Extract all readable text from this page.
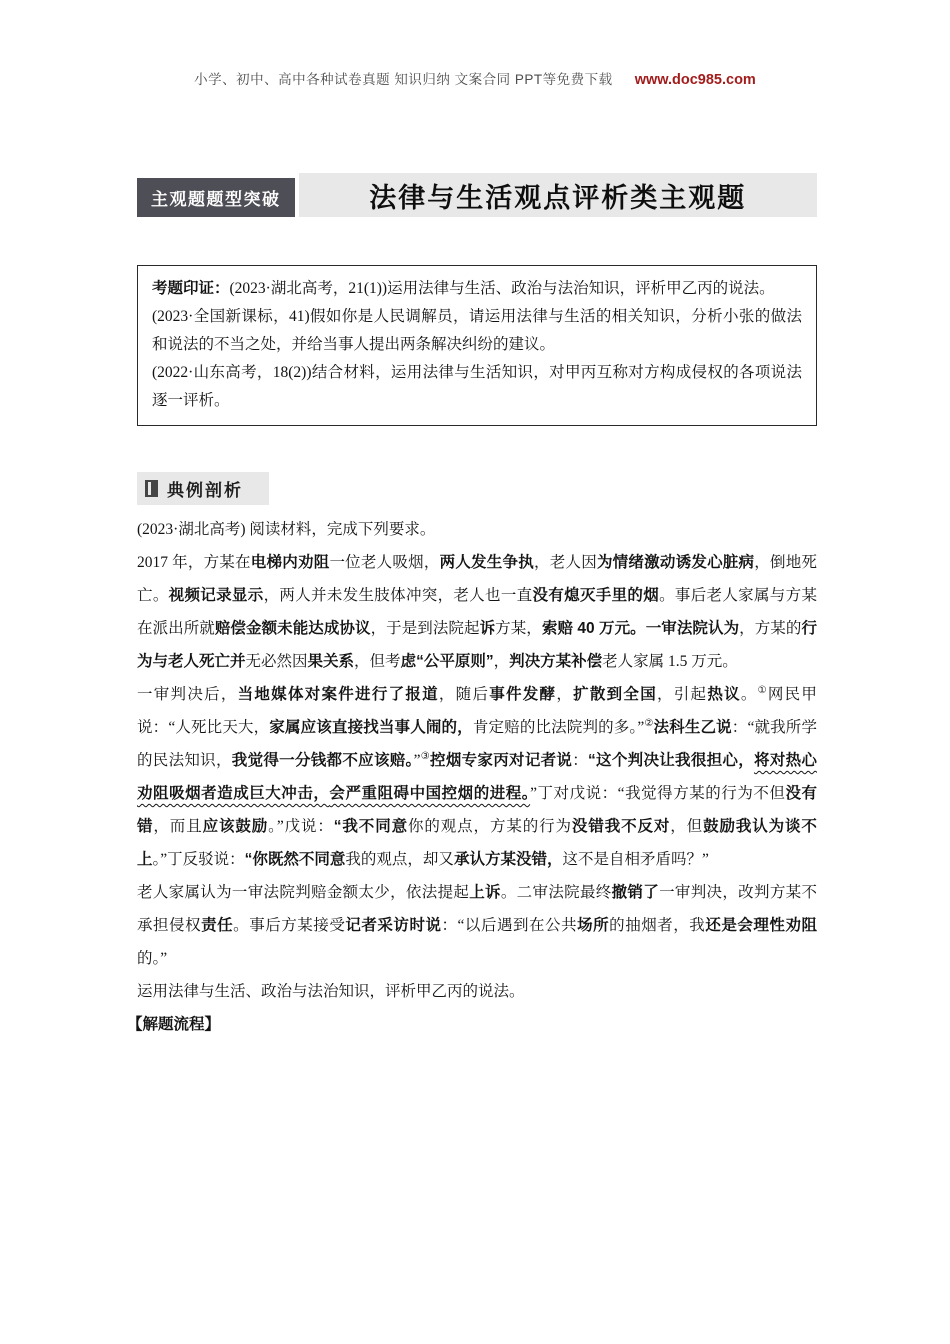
小学、初中、高中各种试卷真题 知识归纳 文案合同 PPT等免费下载 www.doc985.com
主观题题型突破	法律与生活观点评析类主观题

考题印证：(2023·湖北高考，21(1))运用法律与生活、政治与法治知识，评析甲乙丙的说法。

(2023·全国新课标，41)假如你是人民调解员，请运用法律与生活的相关知识，分析小张的做法和说法的不当之处，并给当事人提出两条解决纠纷的建议。

(2022·山东高考，18(2))结合材料，运用法律与生活知识，对甲丙互称对方构成侵权的各项说法逐一评析。

典例剖析

(2023·湖北高考) 阅读材料，完成下列要求。

2017 年，方某在电梯内劝阻一位老人吸烟，两人发生争执，老人因为情绪激动诱发心脏病，倒地死亡。视频记录显示，两人并未发生肢体冲突，老人也一直没有熄灭手里的烟。事后老人家属与方某在派出所就赔偿金额未能达成协议，于是到法院起诉方某，索赔 40 万元。一审法院认为，方某的行为与老人死亡并无必然因果关系，但考虑“公平原则”，判决方某补偿老人家属 1.5 万元。

一审判决后，当地媒体对案件进行了报道，随后事件发酵，扩散到全国，引起热议。①网民甲说：“人死比天大，家属应该直接找当事人闹的，肯定赔的比法院判的多。”②法科生乙说：“就我所学的民法知识，我觉得一分钱都不应该赔。”③控烟专家丙对记者说：“这个判决让我很担心，将对热心劝阻吸烟者造成巨大冲击，会严重阻碍中国控烟的进程。”丁对戊说：“我觉得方某的行为不但没有错，而且应该鼓励。”戊说：“我不同意你的观点，方某的行为没错我不反对，但鼓励我认为谈不上。”丁反驳说：“你既然不同意我的观点，却又承认方某没错，这不是自相矛盾吗？”

老人家属认为一审法院判赔金额太少，依法提起上诉。二审法院最终撤销了一审判决，改判方某不承担侵权责任。事后方某接受记者采访时说：“以后遇到在公共场所的抽烟者，我还是会理性劝阻的。”

运用法律与生活、政治与法治知识，评析甲乙丙的说法。

【解题流程】
